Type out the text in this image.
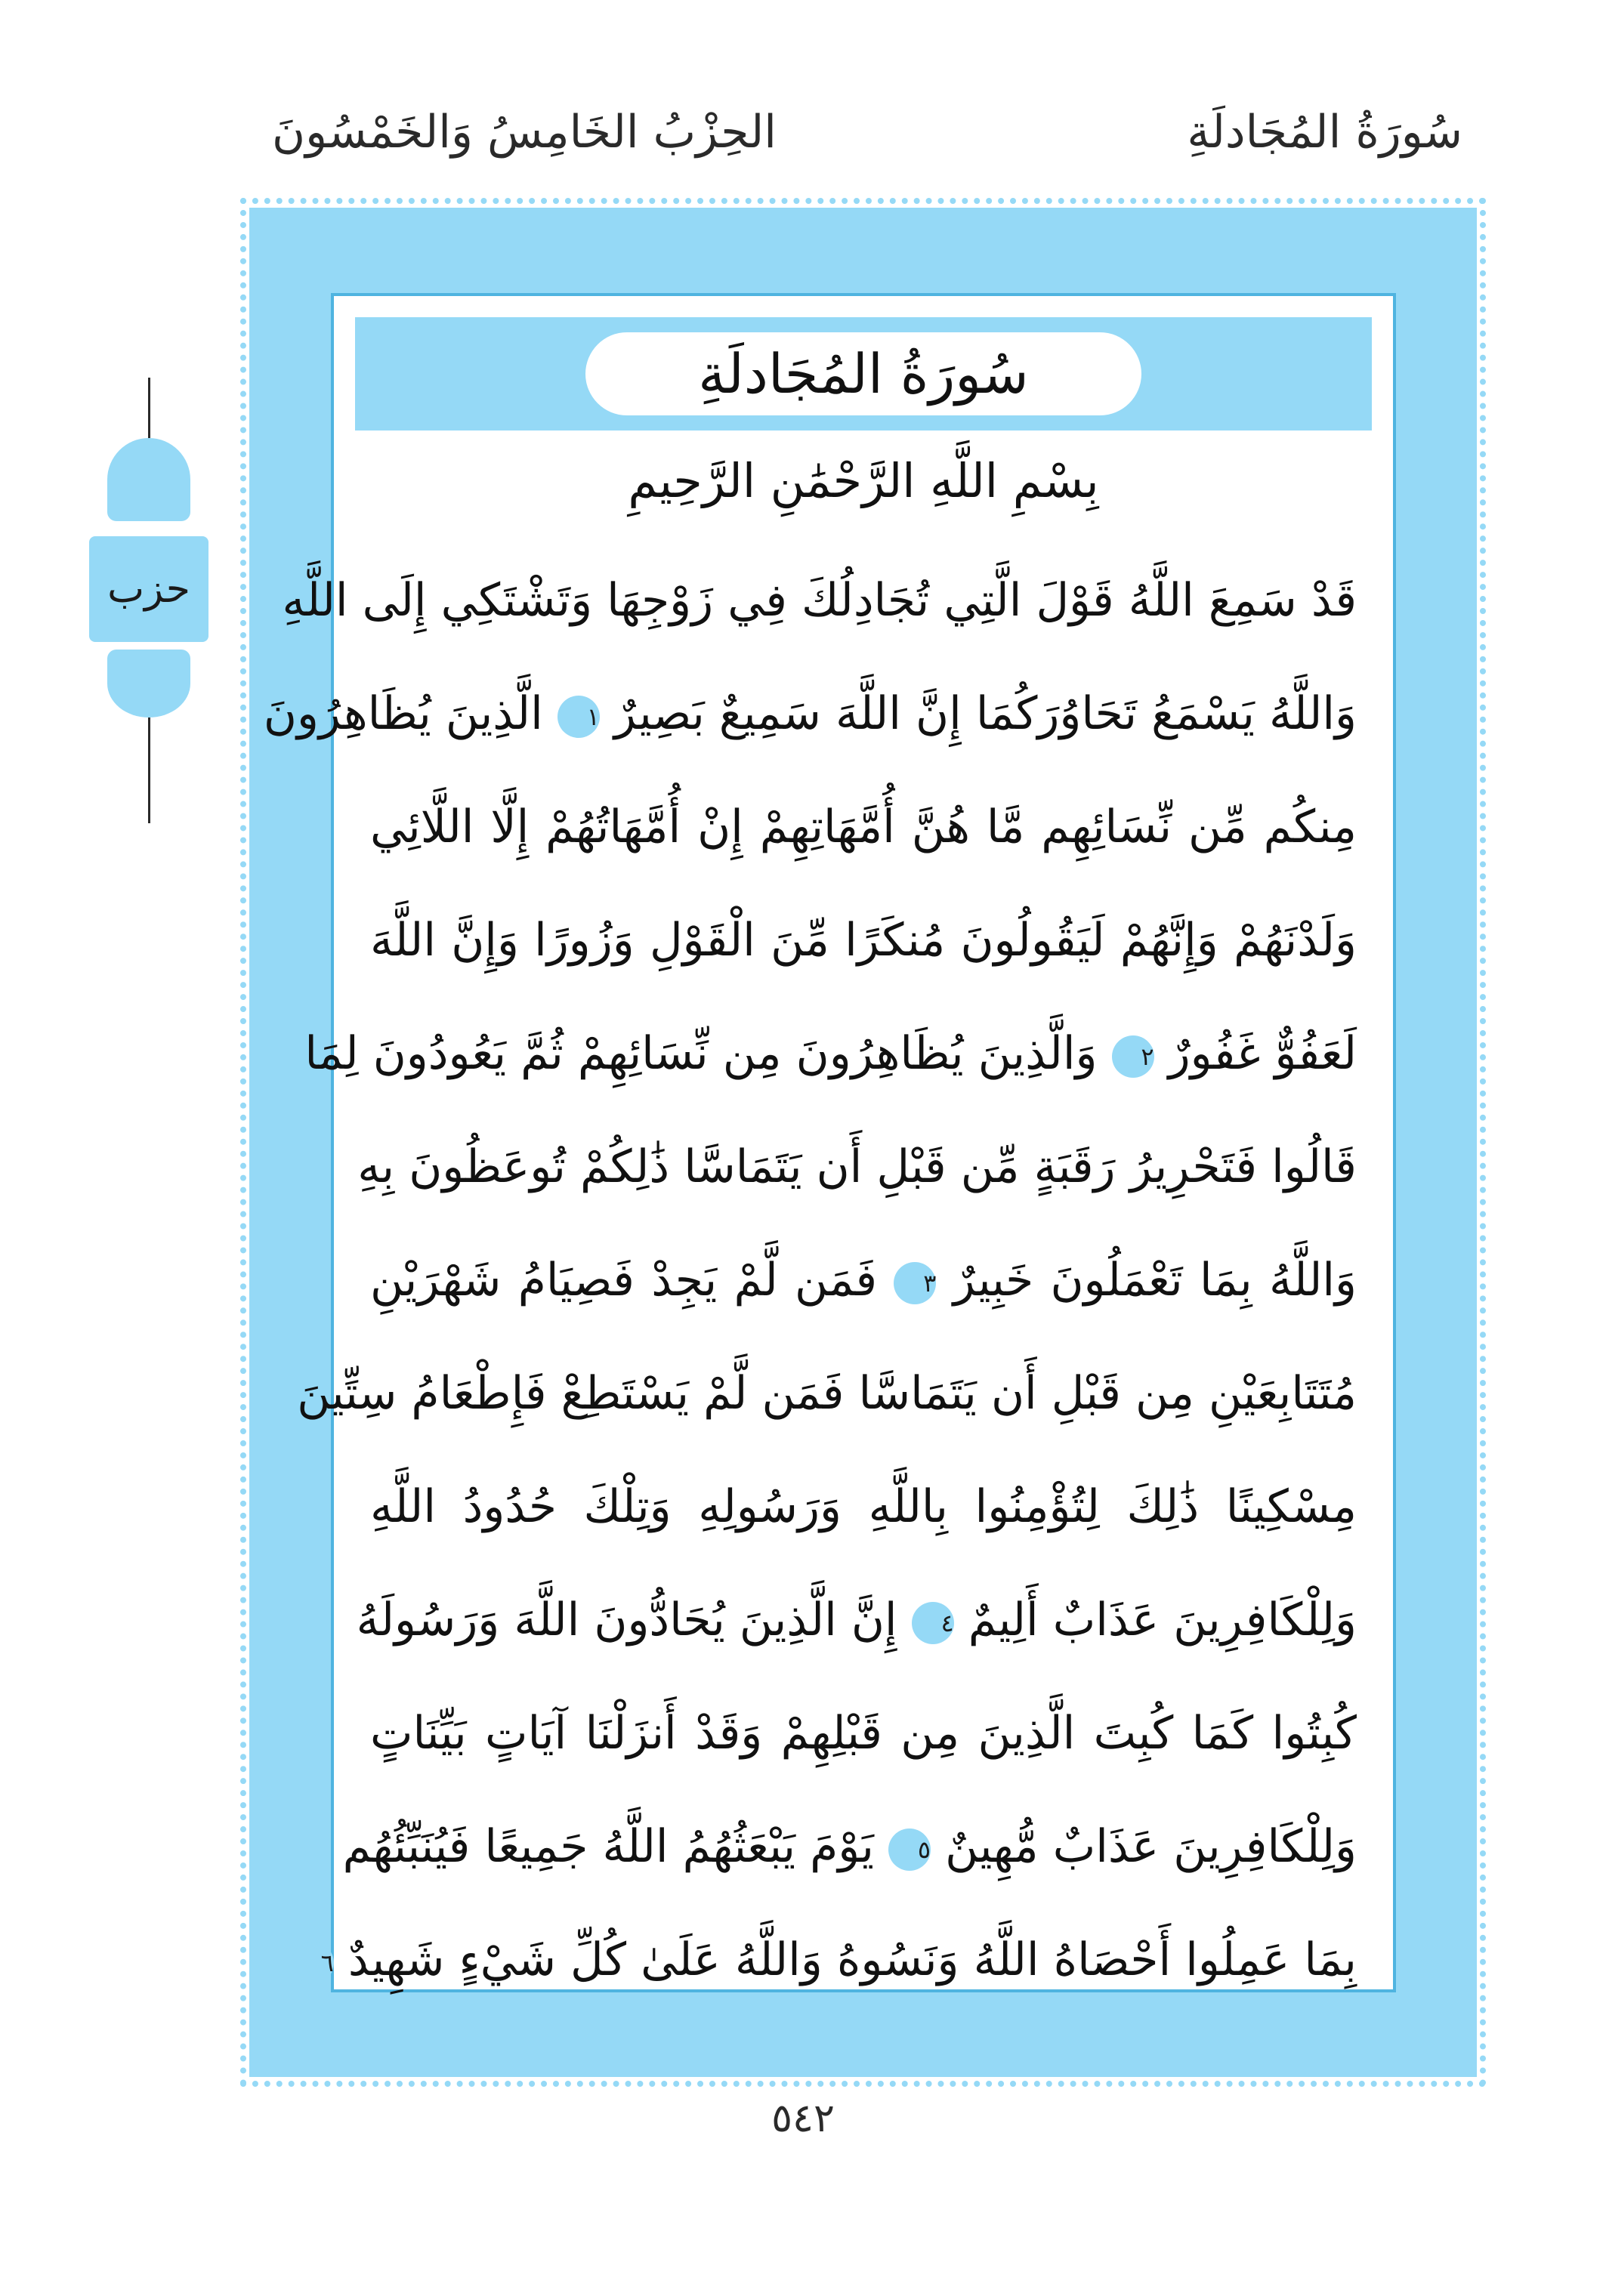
سُورَةُ المُجَادلَةِ
الحِزْبُ الخَامِسُ وَالخَمْسُونَ
سُورَةُ المُجَادلَةِ
بِسْمِ اللَّهِ الرَّحْمَٰنِ الرَّحِيمِ
قَدْ سَمِعَ اللَّهُ قَوْلَ الَّتِي تُجَادِلُكَ فِي زَوْجِهَا وَتَشْتَكِي إِلَى اللَّهِ
وَاللَّهُ يَسْمَعُ تَحَاوُرَكُمَا إِنَّ اللَّهَ سَمِيعٌ بَصِيرٌ ١ الَّذِينَ يُظَاهِرُونَ
مِنكُم مِّن نِّسَائِهِم مَّا هُنَّ أُمَّهَاتِهِمْ إِنْ أُمَّهَاتُهُمْ إِلَّا اللَّائِي
وَلَدْنَهُمْ وَإِنَّهُمْ لَيَقُولُونَ مُنكَرًا مِّنَ الْقَوْلِ وَزُورًا وَإِنَّ اللَّهَ
لَعَفُوٌّ غَفُورٌ ٢ وَالَّذِينَ يُظَاهِرُونَ مِن نِّسَائِهِمْ ثُمَّ يَعُودُونَ لِمَا
قَالُوا فَتَحْرِيرُ رَقَبَةٍ مِّن قَبْلِ أَن يَتَمَاسَّا ذَٰلِكُمْ تُوعَظُونَ بِهِ
وَاللَّهُ بِمَا تَعْمَلُونَ خَبِيرٌ ٣ فَمَن لَّمْ يَجِدْ فَصِيَامُ شَهْرَيْنِ
مُتَتَابِعَيْنِ مِن قَبْلِ أَن يَتَمَاسَّا فَمَن لَّمْ يَسْتَطِعْ فَإِطْعَامُ سِتِّينَ
مِسْكِينًا ذَٰلِكَ لِتُؤْمِنُوا بِاللَّهِ وَرَسُولِهِ وَتِلْكَ حُدُودُ اللَّهِ
وَلِلْكَافِرِينَ عَذَابٌ أَلِيمٌ ٤ إِنَّ الَّذِينَ يُحَادُّونَ اللَّهَ وَرَسُولَهُ
كُبِتُوا كَمَا كُبِتَ الَّذِينَ مِن قَبْلِهِمْ وَقَدْ أَنزَلْنَا آيَاتٍ بَيِّنَاتٍ
وَلِلْكَافِرِينَ عَذَابٌ مُّهِينٌ ٥ يَوْمَ يَبْعَثُهُمُ اللَّهُ جَمِيعًا فَيُنَبِّئُهُم
بِمَا عَمِلُوا أَحْصَاهُ اللَّهُ وَنَسُوهُ وَاللَّهُ عَلَىٰ كُلِّ شَيْءٍ شَهِيدٌ ٦
حزب
٥٤٢
